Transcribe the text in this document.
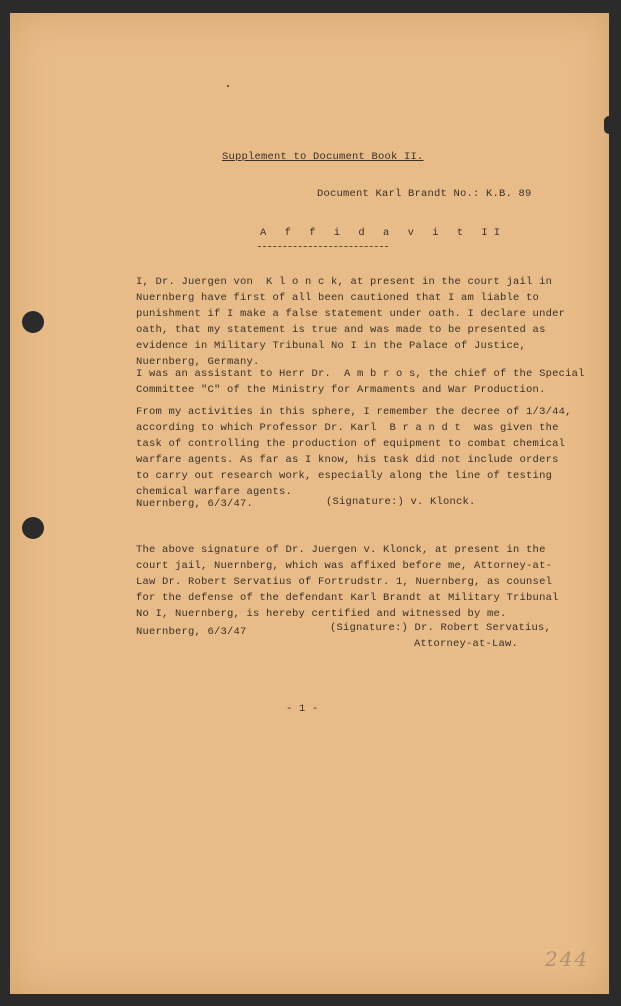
Supplement to Document Book II.
Document Karl Brandt No.: K.B. 89
A f f i d a v i t II
I, Dr. Juergen von  K l o n c k, at present in the court jail in
Nuernberg have first of all been cautioned that I am liable to
punishment if I make a false statement under oath. I declare under
oath, that my statement is true and was made to be presented as
evidence in Military Tribunal No I in the Palace of Justice,
Nuernberg, Germany.
I was an assistant to Herr Dr.  A m b r o s, the chief of the Special
Committee "C" of the Ministry for Armaments and War Production.
From my activities in this sphere, I remember the decree of 1/3/44,
according to which Professor Dr. Karl  B r a n d t  was given the
task of controlling the production of equipment to combat chemical
warfare agents. As far as I know, his task did not include orders
to carry out research work, especially along the line of testing
chemical warfare agents.
Nuernberg, 6/3/47.	(Signature:) v. Klonck.
The above signature of Dr. Juergen v. Klonck, at present in the
court jail, Nuernberg, which was affixed before me, Attorney-at-
Law Dr. Robert Servatius of Fortrudstr. 1, Nuernberg, as counsel
for the defense of the defendant Karl Brandt at Military Tribunal
No I, Nuernberg, is hereby certified and witnessed by me.
Nuernberg, 6/3/47	(Signature:) Dr. Robert Servatius,
Attorney-at-Law.
- 1 -
244
